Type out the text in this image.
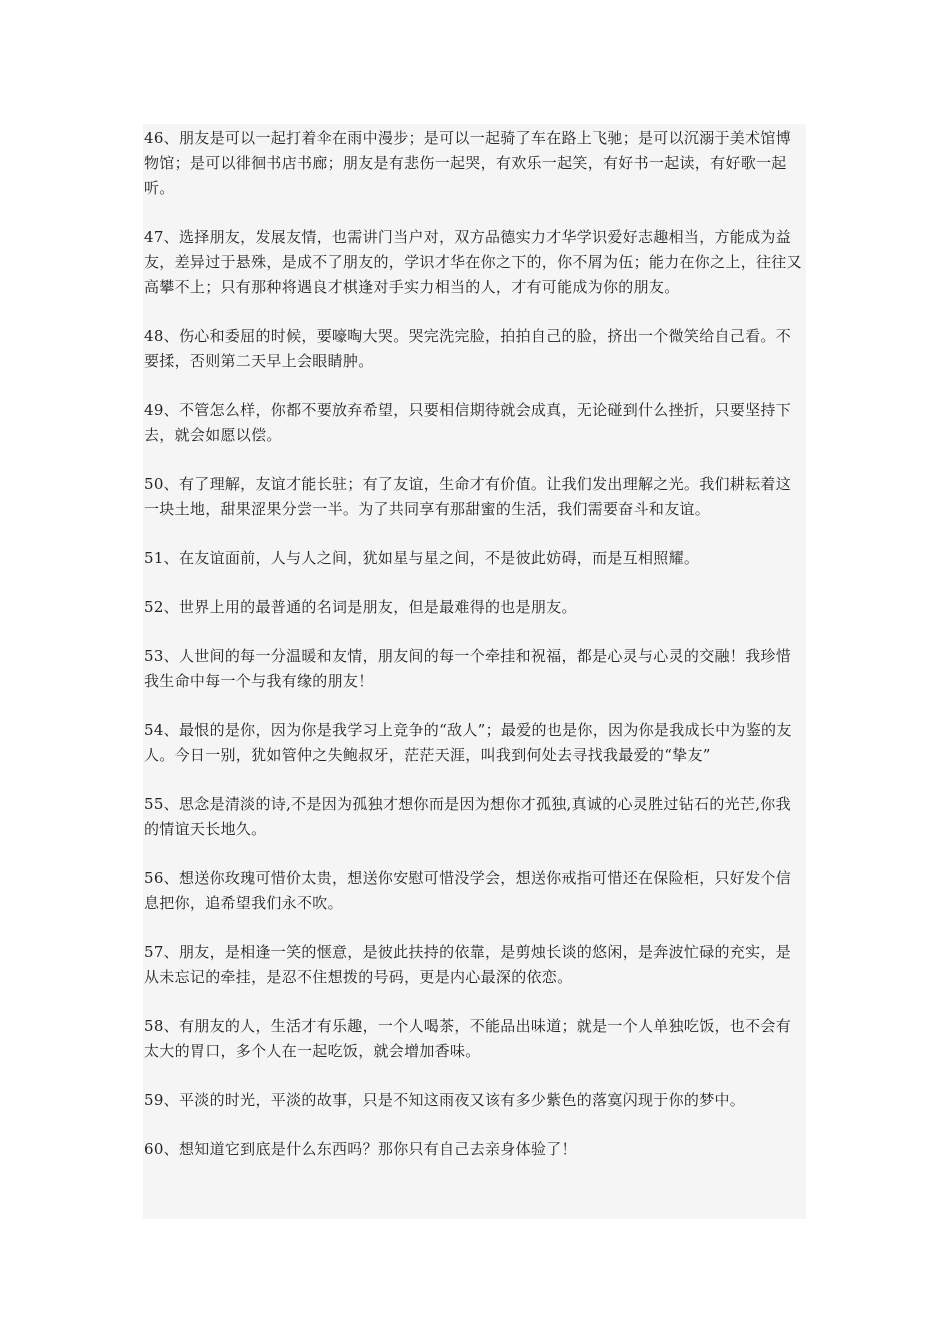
46、朋友是可以一起打着伞在雨中漫步；是可以一起骑了车在路上飞驰；是可以沉溺于美术馆博物馆；是可以徘徊书店书廊；朋友是有悲伤一起哭，有欢乐一起笑，有好书一起读，有好歌一起听。

47、选择朋友，发展友情，也需讲门当户对，双方品德实力才华学识爱好志趣相当，方能成为益友，差异过于悬殊，是成不了朋友的，学识才华在你之下的，你不屑为伍；能力在你之上，往往又高攀不上；只有那种将遇良才棋逢对手实力相当的人，才有可能成为你的朋友。

48、伤心和委屈的时候，要嚎啕大哭。哭完洗完脸，拍拍自己的脸，挤出一个微笑给自己看。不要揉，否则第二天早上会眼睛肿。

49、不管怎么样，你都不要放弃希望，只要相信期待就会成真，无论碰到什么挫折，只要坚持下去，就会如愿以偿。

50、有了理解，友谊才能长驻；有了友谊，生命才有价值。让我们发出理解之光。我们耕耘着这一块土地，甜果涩果分尝一半。为了共同享有那甜蜜的生活，我们需要奋斗和友谊。

51、在友谊面前，人与人之间，犹如星与星之间，不是彼此妨碍，而是互相照耀。

52、世界上用的最普通的名词是朋友，但是最难得的也是朋友。

53、人世间的每一分温暖和友情，朋友间的每一个牵挂和祝福，都是心灵与心灵的交融！我珍惜我生命中每一个与我有缘的朋友！

54、最恨的是你，因为你是我学习上竞争的“敌人”；最爱的也是你，因为你是我成长中为鉴的友人。今日一别，犹如管仲之失鲍叔牙，茫茫天涯，叫我到何处去寻找我最爱的“挚友”

55、思念是清淡的诗,不是因为孤独才想你而是因为想你才孤独,真诚的心灵胜过钻石的光芒,你我的情谊天长地久。

56、想送你玫瑰可惜价太贵，想送你安慰可惜没学会，想送你戒指可惜还在保险柜，只好发个信息把你，追希望我们永不吹。

57、朋友，是相逢一笑的惬意，是彼此扶持的依靠，是剪烛长谈的悠闲，是奔波忙碌的充实，是从未忘记的牵挂，是忍不住想拨的号码，更是内心最深的依恋。

58、有朋友的人，生活才有乐趣，一个人喝茶，不能品出味道；就是一个人单独吃饭，也不会有太大的胃口，多个人在一起吃饭，就会增加香味。

59、平淡的时光，平淡的故事，只是不知这雨夜又该有多少紫色的落寞闪现于你的梦中。

60、想知道它到底是什么东西吗？那你只有自己去亲身体验了！
